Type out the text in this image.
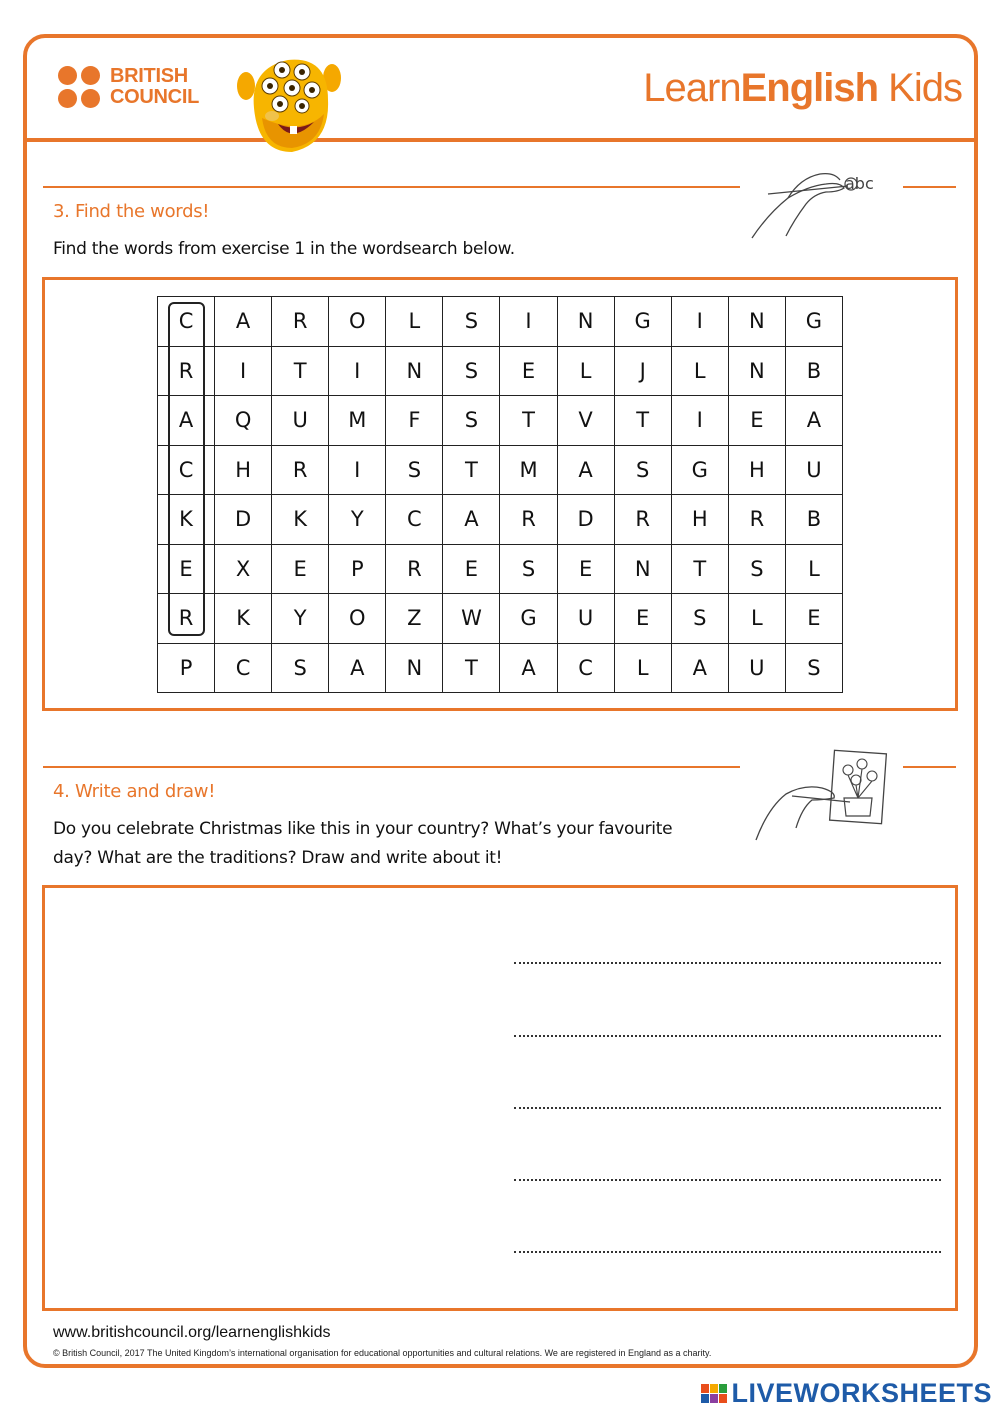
BRITISH
COUNCIL	LearnEnglish Kids
abc
3. Find the words!
Find the words from exercise 1 in the wordsearch below.
C	A	R	O	L	S	I	N	G	I	N	G
R	I	T	I	N	S	E	L	J	L	N	B
A	Q	U	M	F	S	T	V	T	I	E	A
C	H	R	I	S	T	M	A	S	G	H	U
K	D	K	Y	C	A	R	D	R	H	R	B
E	X	E	P	R	E	S	E	N	T	S	L
R	K	Y	O	Z	W	G	U	E	S	L	E
P	C	S	A	N	T	A	C	L	A	U	S
4. Write and draw!
Do you celebrate Christmas like this in your country? What’s your favourite
day? What are the traditions? Draw and write about it!
www.britishcouncil.org/learnenglishkids
© British Council, 2017 The United Kingdom’s international organisation for educational opportunities and cultural relations. We are registered in England as a charity.
LIVEWORKSHEETS
